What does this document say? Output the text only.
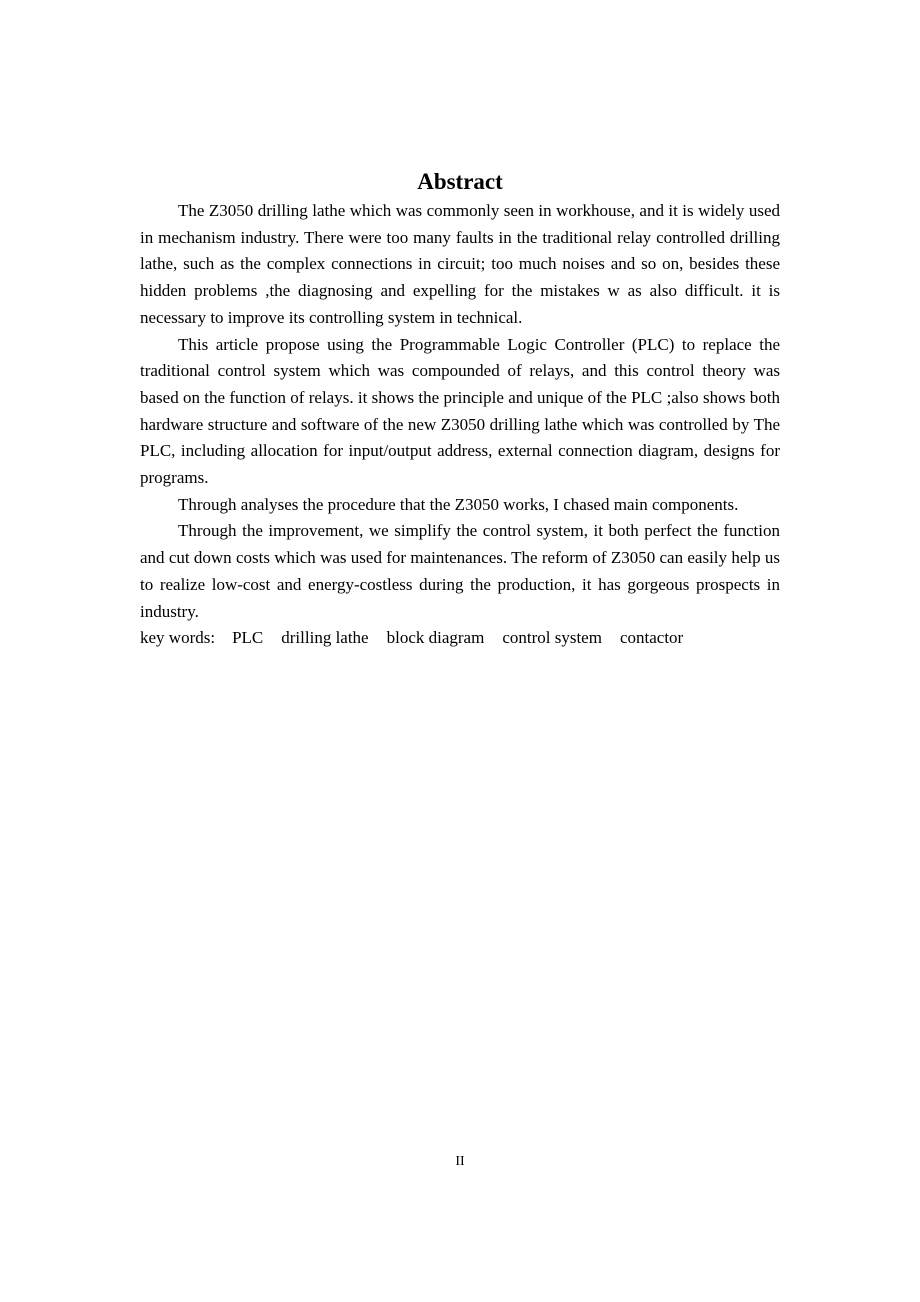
Abstract

The Z3050 drilling lathe which was commonly seen in workhouse, and it is widely used in mechanism industry. There were too many faults in the traditional relay controlled drilling lathe, such as the complex connections in circuit; too much noises and so on, besides these hidden problems ,the diagnosing and expelling for the mistakes w as also difficult. it is necessary to improve its controlling system in technical.

This article propose using the Programmable Logic Controller (PLC) to replace the traditional control system which was compounded of relays, and this control theory was based on the function of relays. it shows the principle and unique of the PLC ;also shows both hardware structure and software of the new Z3050 drilling lathe which was controlled by The PLC, including allocation for input/output address, external connection diagram, designs for programs.

Through analyses the procedure that the Z3050 works, I chased main components.

Through the improvement, we simplify the control system, it both perfect the function and cut down costs which was used for maintenances. The reform of Z3050 can easily help us to realize low-cost and energy-costless during the production, it has gorgeous prospects in industry.

key words: PLC drilling lathe block diagram control system contactor

II
